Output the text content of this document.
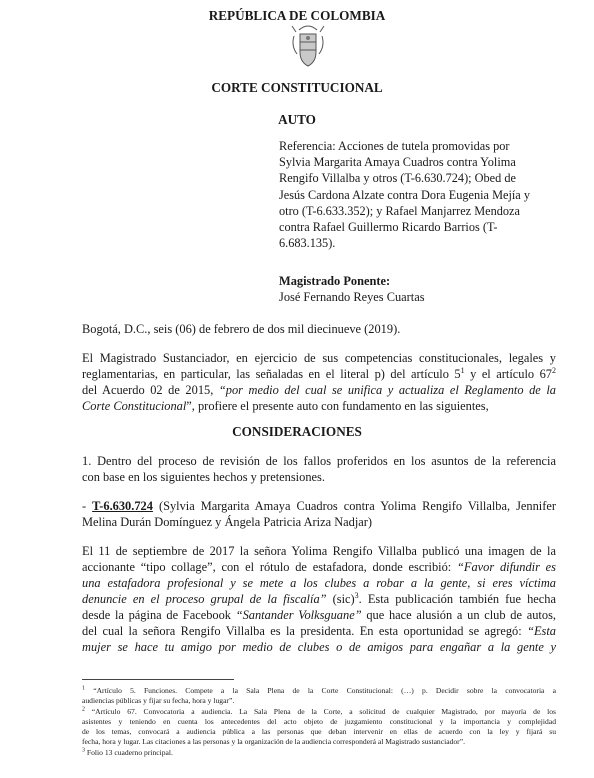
REPÚBLICA DE COLOMBIA
CORTE CONSTITUCIONAL
AUTO
Referencia: Acciones de tutela promovidas por
Sylvia Margarita Amaya Cuadros contra Yolima
Rengifo Villalba y otros (T-6.630.724); Obed de
Jesús Cardona Alzate contra Dora Eugenia Mejía y
otro (T-6.633.352); y Rafael Manjarrez Mendoza
contra Rafael Guillermo Ricardo Barrios (T-
6.683.135).
Magistrado Ponente:
José Fernando Reyes Cuartas
Bogotá, D.C., seis (06) de febrero de dos mil diecinueve (2019).
El Magistrado Sustanciador, en ejercicio de sus competencias constitucionales, legales y
reglamentarias, en particular, las señaladas en el literal p) del artículo $5^1$ y el artículo $67^2$
del Acuerdo 02 de 2015, “por medio del cual se unifica y actualiza el Reglamento de la
Corte Constitucional”, profiere el presente auto con fundamento en las siguientes,
CONSIDERACIONES
1. Dentro del proceso de revisión de los fallos proferidos en los asuntos de la referencia
con base en los siguientes hechos y pretensiones.
- T-6.630.724 (Sylvia Margarita Amaya Cuadros contra Yolima Rengifo Villalba, Jennifer
Melina Durán Domínguez y Ángela Patricia Ariza Nadjar)
El 11 de septiembre de 2017 la señora Yolima Rengifo Villalba publicó una imagen de la
accionante “tipo collage”, con el rótulo de estafadora, donde escribió: “Favor difundir es
una estafadora profesional y se mete a los clubes a robar a la gente, si eres víctima
denuncie en el proceso grupal de la fiscalía” (sic)$^3$. Esta publicación también fue hecha
desde la página de Facebook “Santander Volksguane” que hace alusión a un club de autos,
del cual la señora Rengifo Villalba es la presidenta. En esta oportunidad se agregó: “Esta
mujer se hace tu amigo por medio de clubes o de amigos para engañar a la gente y
$^1$ “Artículo 5. Funciones. Compete a la Sala Plena de la Corte Constitucional: (…) p. Decidir sobre la convocatoria a
audiencias públicas y fijar su fecha, hora y lugar”.
$^2$ “Artículo 67. Convocatoria a audiencia. La Sala Plena de la Corte, a solicitud de cualquier Magistrado, por mayoría de los
asistentes y teniendo en cuenta los antecedentes del acto objeto de juzgamiento constitucional y la importancia y complejidad
de los temas, convocará a audiencia pública a las personas que deban intervenir en ellas de acuerdo con la ley y fijará su
fecha, hora y lugar. Las citaciones a las personas y la organización de la audiencia corresponderá al Magistrado sustanciador”.
$^3$ Folio 13 cuaderno principal.
